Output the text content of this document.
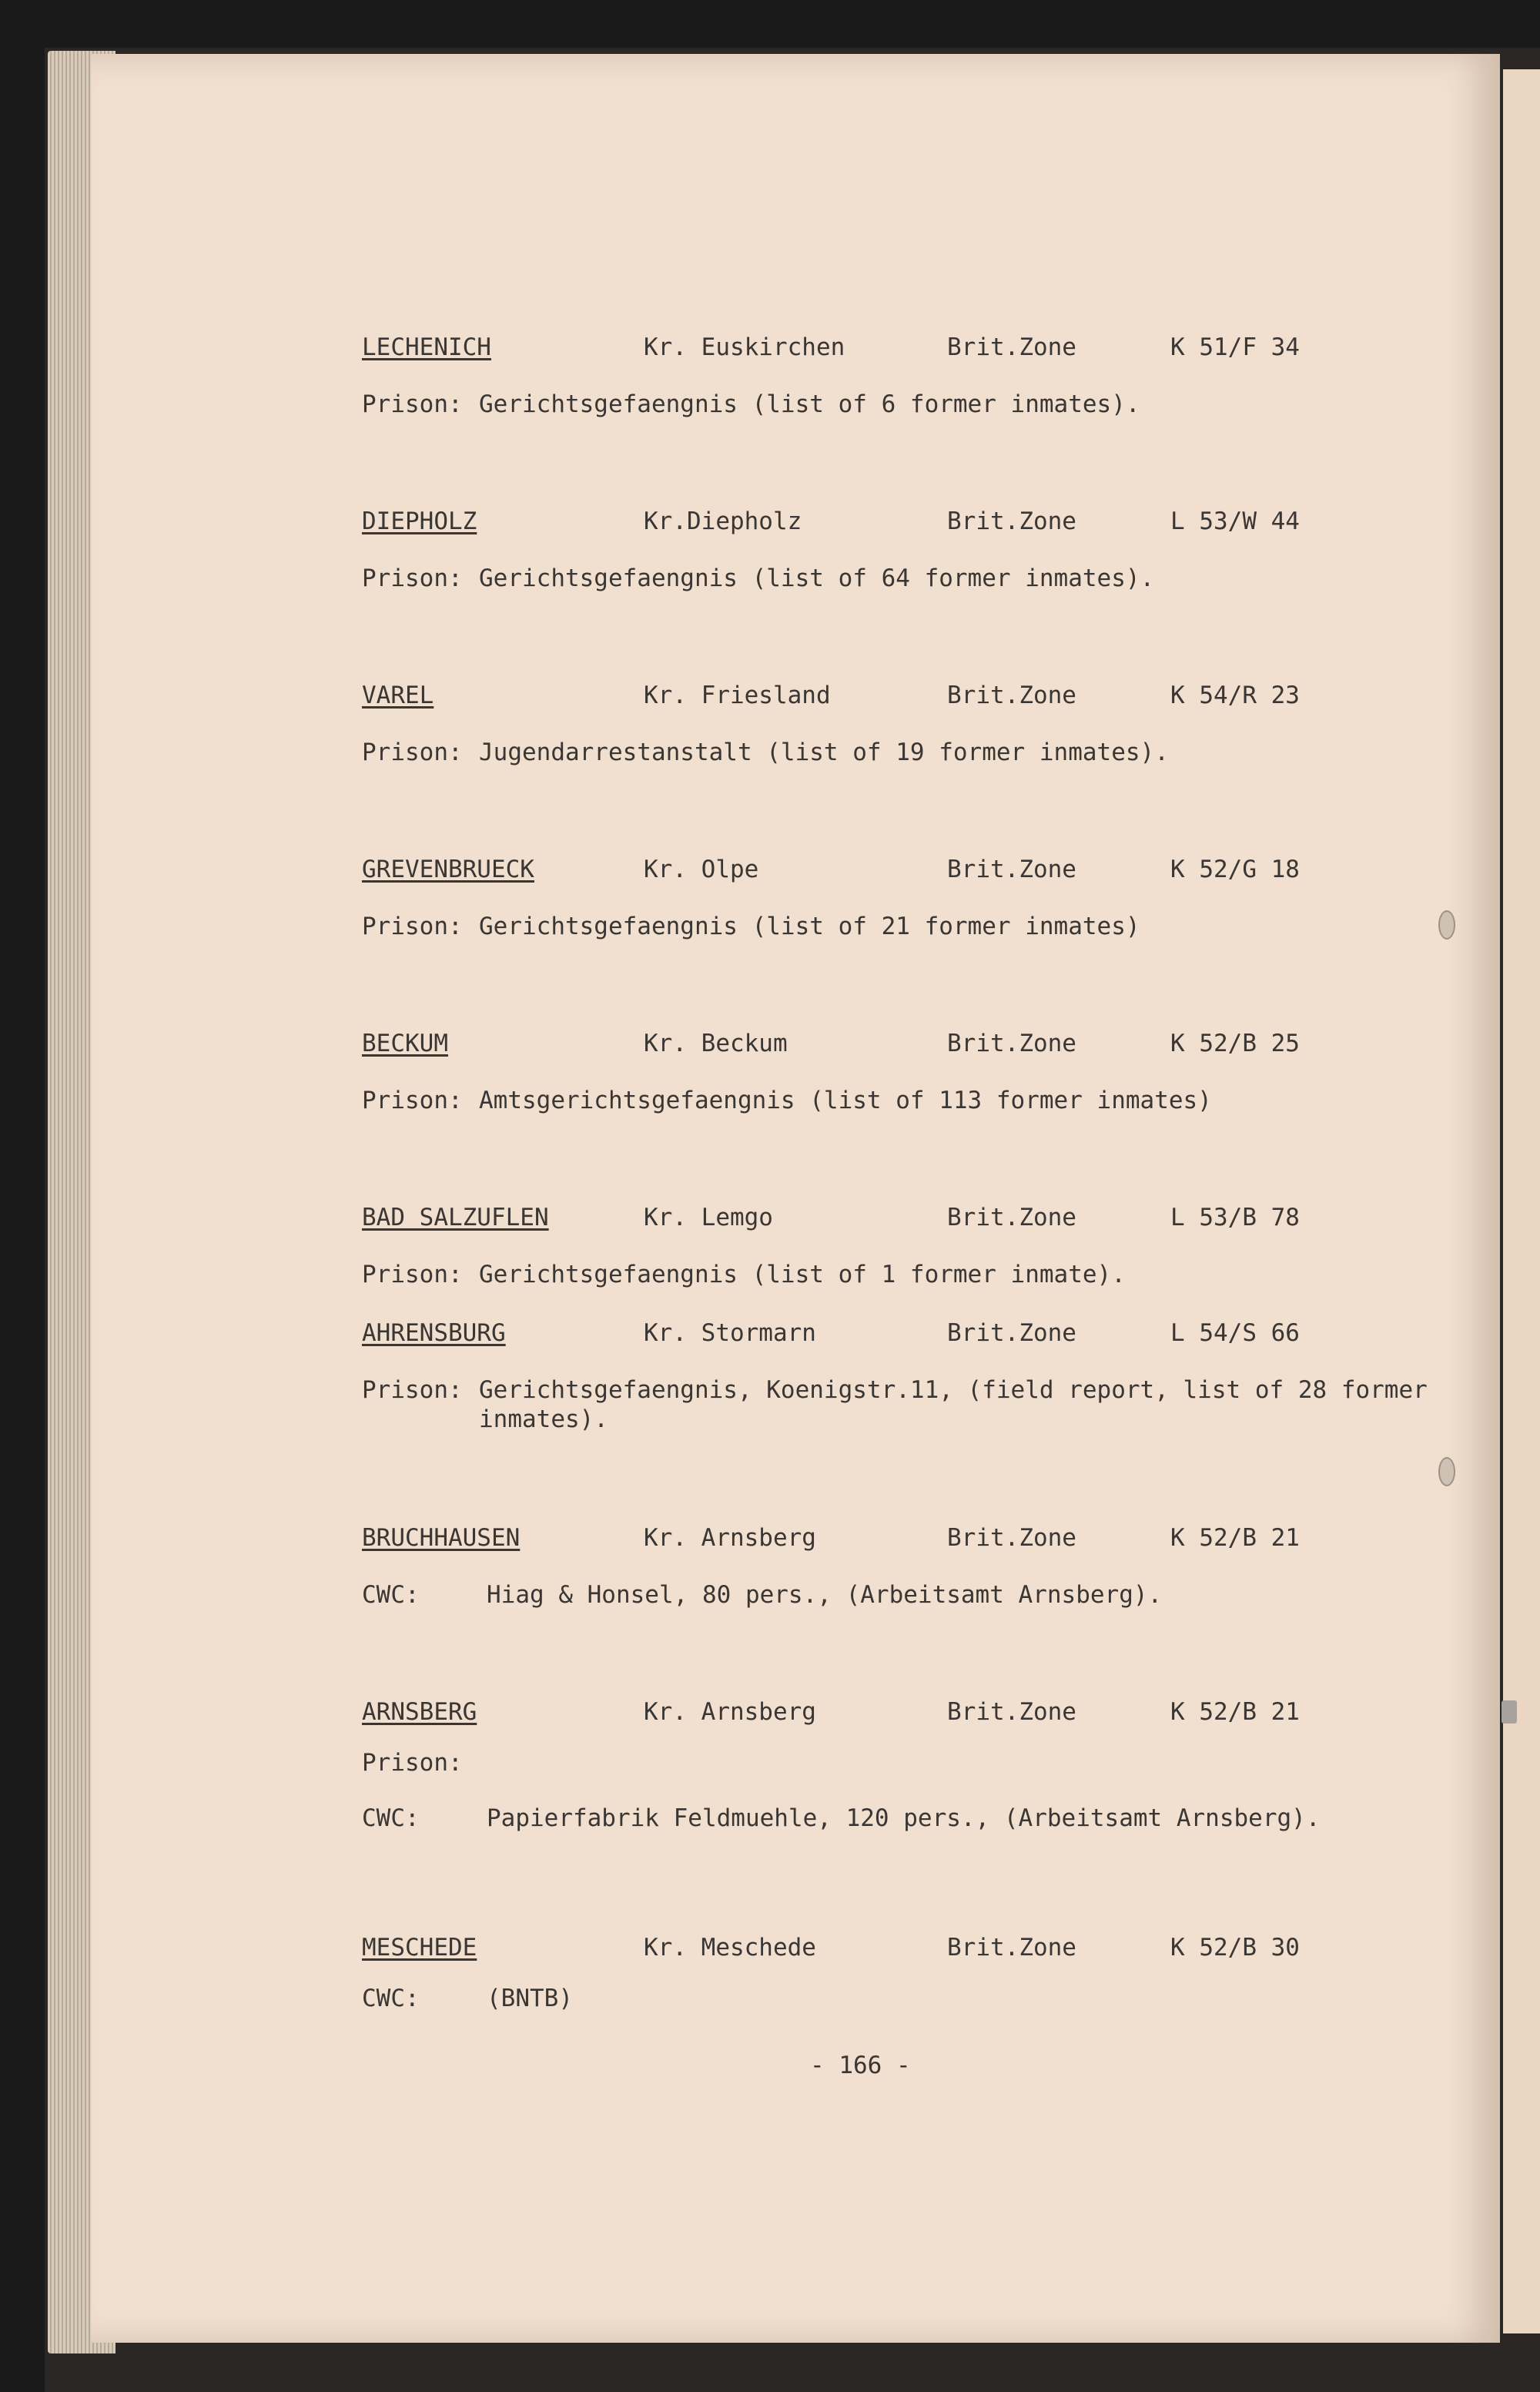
LECHENICH	Kr. Euskirchen	Brit.Zone	K 51/F 34
Prison: Gerichtsgefaengnis (list of 6 former inmates).
DIEPHOLZ	Kr.Diepholz	Brit.Zone	L 53/W 44
Prison: Gerichtsgefaengnis (list of 64 former inmates).
VAREL	Kr. Friesland	Brit.Zone	K 54/R 23
Prison: Jugendarrestanstalt (list of 19 former inmates).
GREVENBRUECK	Kr. Olpe	Brit.Zone	K 52/G 18
Prison: Gerichtsgefaengnis (list of 21 former inmates)
BECKUM	Kr. Beckum	Brit.Zone	K 52/B 25
Prison: Amtsgerichtsgefaengnis (list of 113 former inmates)
BAD SALZUFLEN	Kr. Lemgo	Brit.Zone	L 53/B 78
Prison: Gerichtsgefaengnis (list of 1 former inmate).
AHRENSBURG	Kr. Stormarn	Brit.Zone	L 54/S 66
Prison: Gerichtsgefaengnis, Koenigstr.11, (field report, list of 28 former inmates).
BRUCHHAUSEN	Kr. Arnsberg	Brit.Zone	K 52/B 21
CWC:	Hiag & Honsel, 80 pers., (Arbeitsamt Arnsberg).
ARNSBERG	Kr. Arnsberg	Brit.Zone	K 52/B 21
Prison:
CWC:	Papierfabrik Feldmuehle, 120 pers., (Arbeitsamt Arnsberg).
MESCHEDE	Kr. Meschede	Brit.Zone	K 52/B 30
CWC:	(BNTB)
- 166 -
